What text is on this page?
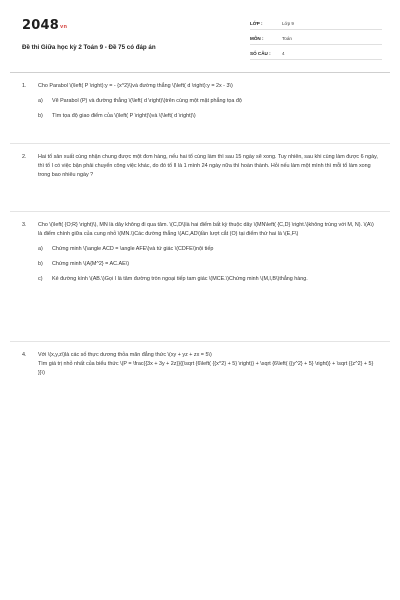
2048vn
Đề thi Giữa học kỳ 2 Toán 9 - Đề 75 có đáp án
LỚP :	Lớp 9
MÔN :	Toán
SỐ CÂU :	4
1. Cho Parabol \(\left( P \right):y = - {x^2}\)và đường thẳng \(\left( d \right):y = 2x - 3\)
a)	Vẽ Parabol (P) và đường thẳng \(\left( d \right)\)trên cùng một mặt phẳng tọa độ
b)	Tìm tọa độ giao điểm của \(\left( P \right)\)và \(\left( d \right)\)
2. Hai tổ sản xuất cùng nhận chung được một đơn hàng, nếu hai tổ cùng làm thì sau 15 ngày sẽ xong. Tuy nhiên, sau khi cùng làm được 6 ngày, thì tổ I có việc bận phải chuyển công việc khác, do đó tổ II là 1 mình 24 ngày nữa thì hoàn thành. Hỏi nếu làm một mình thì mỗi tổ làm xong trong bao nhiêu ngày ?
3. Cho \(\left( {O;R} \right)\), MN là dây không đi qua tâm. \(C,D\)là hai điểm bất kỳ thuộc dây \(MN\left( {C,D} \right.\)không trùng với M, N). \(A\) là điểm chính giữa của cung nhỏ \(MN.\)Các đường thẳng \(AC,AD\)lần lượt cắt (O) tại điểm thứ hai là \(E,F\)
a)	Chứng minh \(\angle ACD = \angle AFE\)và tứ giác \(CDFE\)nội tiếp
b)	Chứng minh \(A{M^2} = AC.AE\)
c)	Kẻ đường kính \(AB.\)Gọi I là tâm đường tròn ngoại tiếp tam giác \(MCE.\)Chứng minh \(M,I,B\)thẳng hàng.
4. Với \(x,y,z\)là các số thực dương thỏa mãn đẳng thức \(xy + yz + zx = 5\)
Tìm giá trị nhỏ nhất của biểu thức \(P = \frac{{3x + 3y + 2z}}{{\sqrt {6\left( {{x^2} + 5} \right)} + \sqrt {6\left( {{y^2} + 5} \right)} + \sqrt {{z^2} + 5} }}\)
